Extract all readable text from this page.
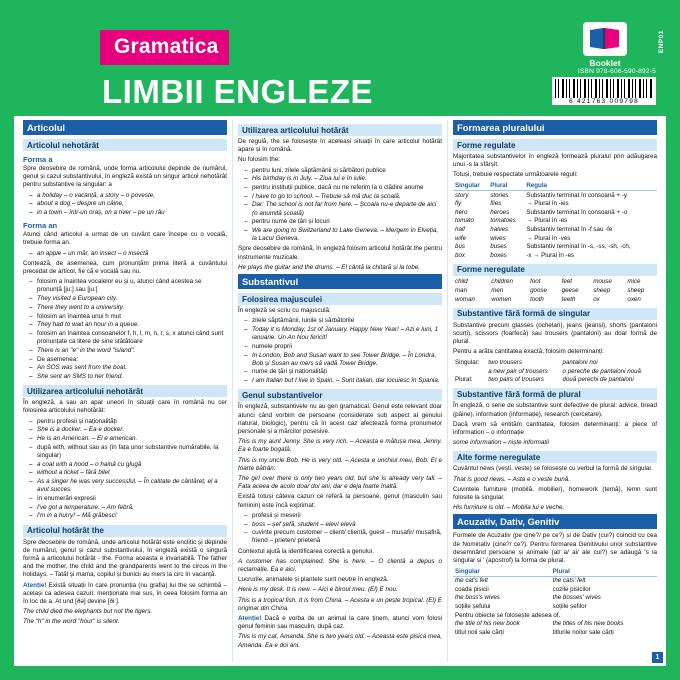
Gramatica
LIMBII ENGLEZE
Booklet
ISBN 978-606-590-892-5
6 421763 009798
ENP01
Articolul
Articolul nehotărât
Forma a

Spre deosebire de română, unde forma articolului depinde de numărul, genul și cazul substantivului, în engleză există un singur articol nehotărât pentru substantive la singular: a

– a holiday – o vacanță, a story – o poveste,
– about a dog – despre un câine,
– in a town – într-un oraș, on a river – pe un râu
Forma an

Atunci când articolul a urmat de un cuvânt care începe cu o vocală, trebuie forma an.

– an apple – un măr, an insect – o insectă

Contează, de asemenea, cum pronunțăm prima literă a cuvântului precedat de articol, fie că e vocală sau nu.

– folosim a înaintea vocalelor eu și u, atunci când acestea se pronunță [ju:] sau [ju:]
– They visited a European city.
– There they went to a university.
– folosim an înaintea unui h mut
– They had to wait an hour in a queue.
– folosim an înaintea consoanelor f, h, l, m, n, r, s, x atunci când sunt pronunțate ca litere de sine stătătoare
– There is an "e" in the word "island".
– De asemenea:
– An SOS was sent from the boat.
– She sent an SMS to her friend.
Utilizarea articolului nehotărât

În engleză, a sau an apar uneori în situații care în română nu cer folosirea articolului nehotărât:

– pentru profesii și naționalități
– She is a docker. – Ea e docker.
– He is an American. – El e american.
– după with, without sau as (în fața unor substantive numărabile, la singular)
– a coat with a hood – o haină cu glugă
– without a ticket – fără bilet
– As a singer he was very successful. – În calitate de cântăreț, el a avut succes.
– în enumerări expresii
– I've got a temperature. – Am febră.
– I'm in a hurry! – Mă grăbesc!
Articolul hotărât the

Spre deosebire de română, unde articolul hotărât este enclitic și depinde de numărul, genul și cazul substantivului, în engleză există o singură formă a articolului hotărât - the. Forma aceasta e invariabilă. The father and the mother, the child and the grandparents went to the circus in the holidays. – Tatăl și mama, copilul și bunicii au mers la circ în vacanță.

Atenție! Există situații în care pronunția (nu grafia) lui the se schimbă – același ca adesea cazuri; menționate mai sus, în ceea folosim forma an în loc de a. At und [ðə] devine [ðiː].

The child died the elephants but not the tigers.

The "h" in the word "hour" is silent.

Utilizarea articolului hotărât

De regulă, the se folosește în aceleași situații în care articolul hotărât apare și în română.

Nu folosim the:

– pentru luni, zilele săptămânii și sărbători publice
– His birthday is in July. – Ziua lui e în iulie.
– pentru instituții publice, dacă nu ne referim la o clădire anume
– I have to go to school. – Trebuie să mă duc la școală.
– Dar: The school is not far from here. – Școala nu-e departe de aici (o anumită școală)
– pentru nume de țări și locuri
– We are going to Switzerland to Lake Geneva. – Mergem în Elveția, la Lacul Geneva.

Spre deosebire de română, în engleză folosim articolul hotărât the pentru instrumente muzicale.

He plays the guitar and the drums. – El cântă la chitară și la tobe.

Substantivul
Folosirea majusculei

În engleză se scriu cu majusculă:

– zilele săptămânii, lunile și sărbătorile
– Today it is Monday, 1st of January. Happy New Year! – Azi e luni, 1 ianuarie. Un An Nou fericit!
– numele proprii
– In London, Bob and Susan want to see Tower Bridge. – În Londra, Bob și Susan au mers să vadă Tower Bridge.
– nume de țări și naționalități
– I am Italian but I live in Spain. – Sunt italian, dar locuiesc în Spania.
Genul substantivelor

În engleză, substantivele nu au gen gramatical. Genul este relevant doar atunci când vorbim de persoane (considerate sub aspect al genului natural, biologic), pentru că în acest caz afectează forma pronumelor personale și a mărcilor posesive.

This is my aunt Jenny. She is very rich. – Aceasta e mătușa mea, Jenny. Ea e foarte bogată.

This is my uncle Bob. He is very old. – Acesta e unchiul meu, Bob. El e foarte bătrân.

The girl over there is only two years old, but she is already very tall. – Fata aceea de acolo doar doi ani, dar e deja foarte înaltă.

Există totuși câteva cazuri ce referă la persoane, genul (masculin sau feminin) este încă exprimat:

– profesii și meserii
– boss – șef șefă, student – elev/ elevă
– cuvinte precum customer – client/ clientă, guest – musafir/ musafiră, friend – prieten/ prietenă

Contextul ajută la identificarea corectă a genului.

A customer has complained. She is here. – O clientă a depus o reclamație. Ea e aici.

Lucrurile, animalele și plantele sunt neutre în engleză.

Here is my desk. It is new. – Aici e biroul meu. (El) E nou.

This is a tropical fish. It is from China. – Acesta e un pește tropical. (El) E originar din China.

Atenție! Dacă e vorba de un animal la care ținem, atunci vom folosi genul feminin sau masculin, după caz.

This is my cat, Amanda. She is two years old. – Aceasta este pisica mea, Amanda. Ea e doi ani.

Formarea pluralului
Forme regulate

Majoritatea substantivelor în engleză formează pluralul prin adăugarea unui -s la sfârșit.

Totuși, trebuie respectate următoarele reguli:

Singular	Plural	Regula
story	stories	Substantiv terminat în consoană + -y
fly	flies	→ Plural în -ies
hero	heroes	Substantiv terminat în consoană + -o
tomato	tomatoes	→ Plural în -es
half	halves	Substantiv terminat în -f sau -fe
wife	wives	→ Plural în -ves
bus	buses	Substantiv terminat în -s, -ss, -sh, -ch,
box	boxes	-x → Plural în -es
Forme neregulate
child	children	foot	feet	mouse	mice
man	men	goose	geese	sheep	sheep
woman	women	tooth	teeth	ox	oxen
Substantive fără formă de singular

Substantive precum glasses (ochelari), jeans (jeanși), shorts (pantaloni scurți), scissors (foarfecă) sau trousers (pantaloni) au doar formă de plural.

Pentru a arăta cantitatea exactă, folosim determinanți:

Singular:	two trousers	pantaloni noi
	a new pair of trousers	o pereche de pantaloni nouă
Plural:	two pairs of trousers	două perechi de pantaloni
Substantive fără formă de plural

În engleză, o serie de substantive sunt defective de plural: advice, bread (pâine), information (informație), research (cercetare).

Dacă vrem să entităm cantitatea, folosim determinanți: a piece of information – o informație

some information – niște informații

Alte forme neregulate

Cuvântul news (vești, veste) se folosește cu verbul la formă de singular.

That is good news. – Asta e o veste bună.

Cuvintele furniture (mobilă, mobilier), homework (temă), lemn sunt folosite la singular.

His furniture is old. – Mobila lui e veche.

Acuzativ, Dativ, Genitiv

Formele de Acuzativ (pe cine?/ pe ce?) și de Dativ (cui?) coincid cu cea de Nominativ (cine?/ ce?). Pentru formarea Genitivului unor substantive desemnând persoane și animale (al/ a/ ai/ ale cui?) se adaugă 's la singular și ' (apostrof) la forma de plural.

Singular	Plural
the cat's felt	the cats' felt
coada pisicii	cozile pisicilor
the boss's wives	the bosses' wives
soțiile șefului	soțiile șefilor
Pentru obiecte se folosește adesea of.	
the title of his new book	the titles of his new books
titlul noii sale cărți	titlurile noilor sale cărți
1
